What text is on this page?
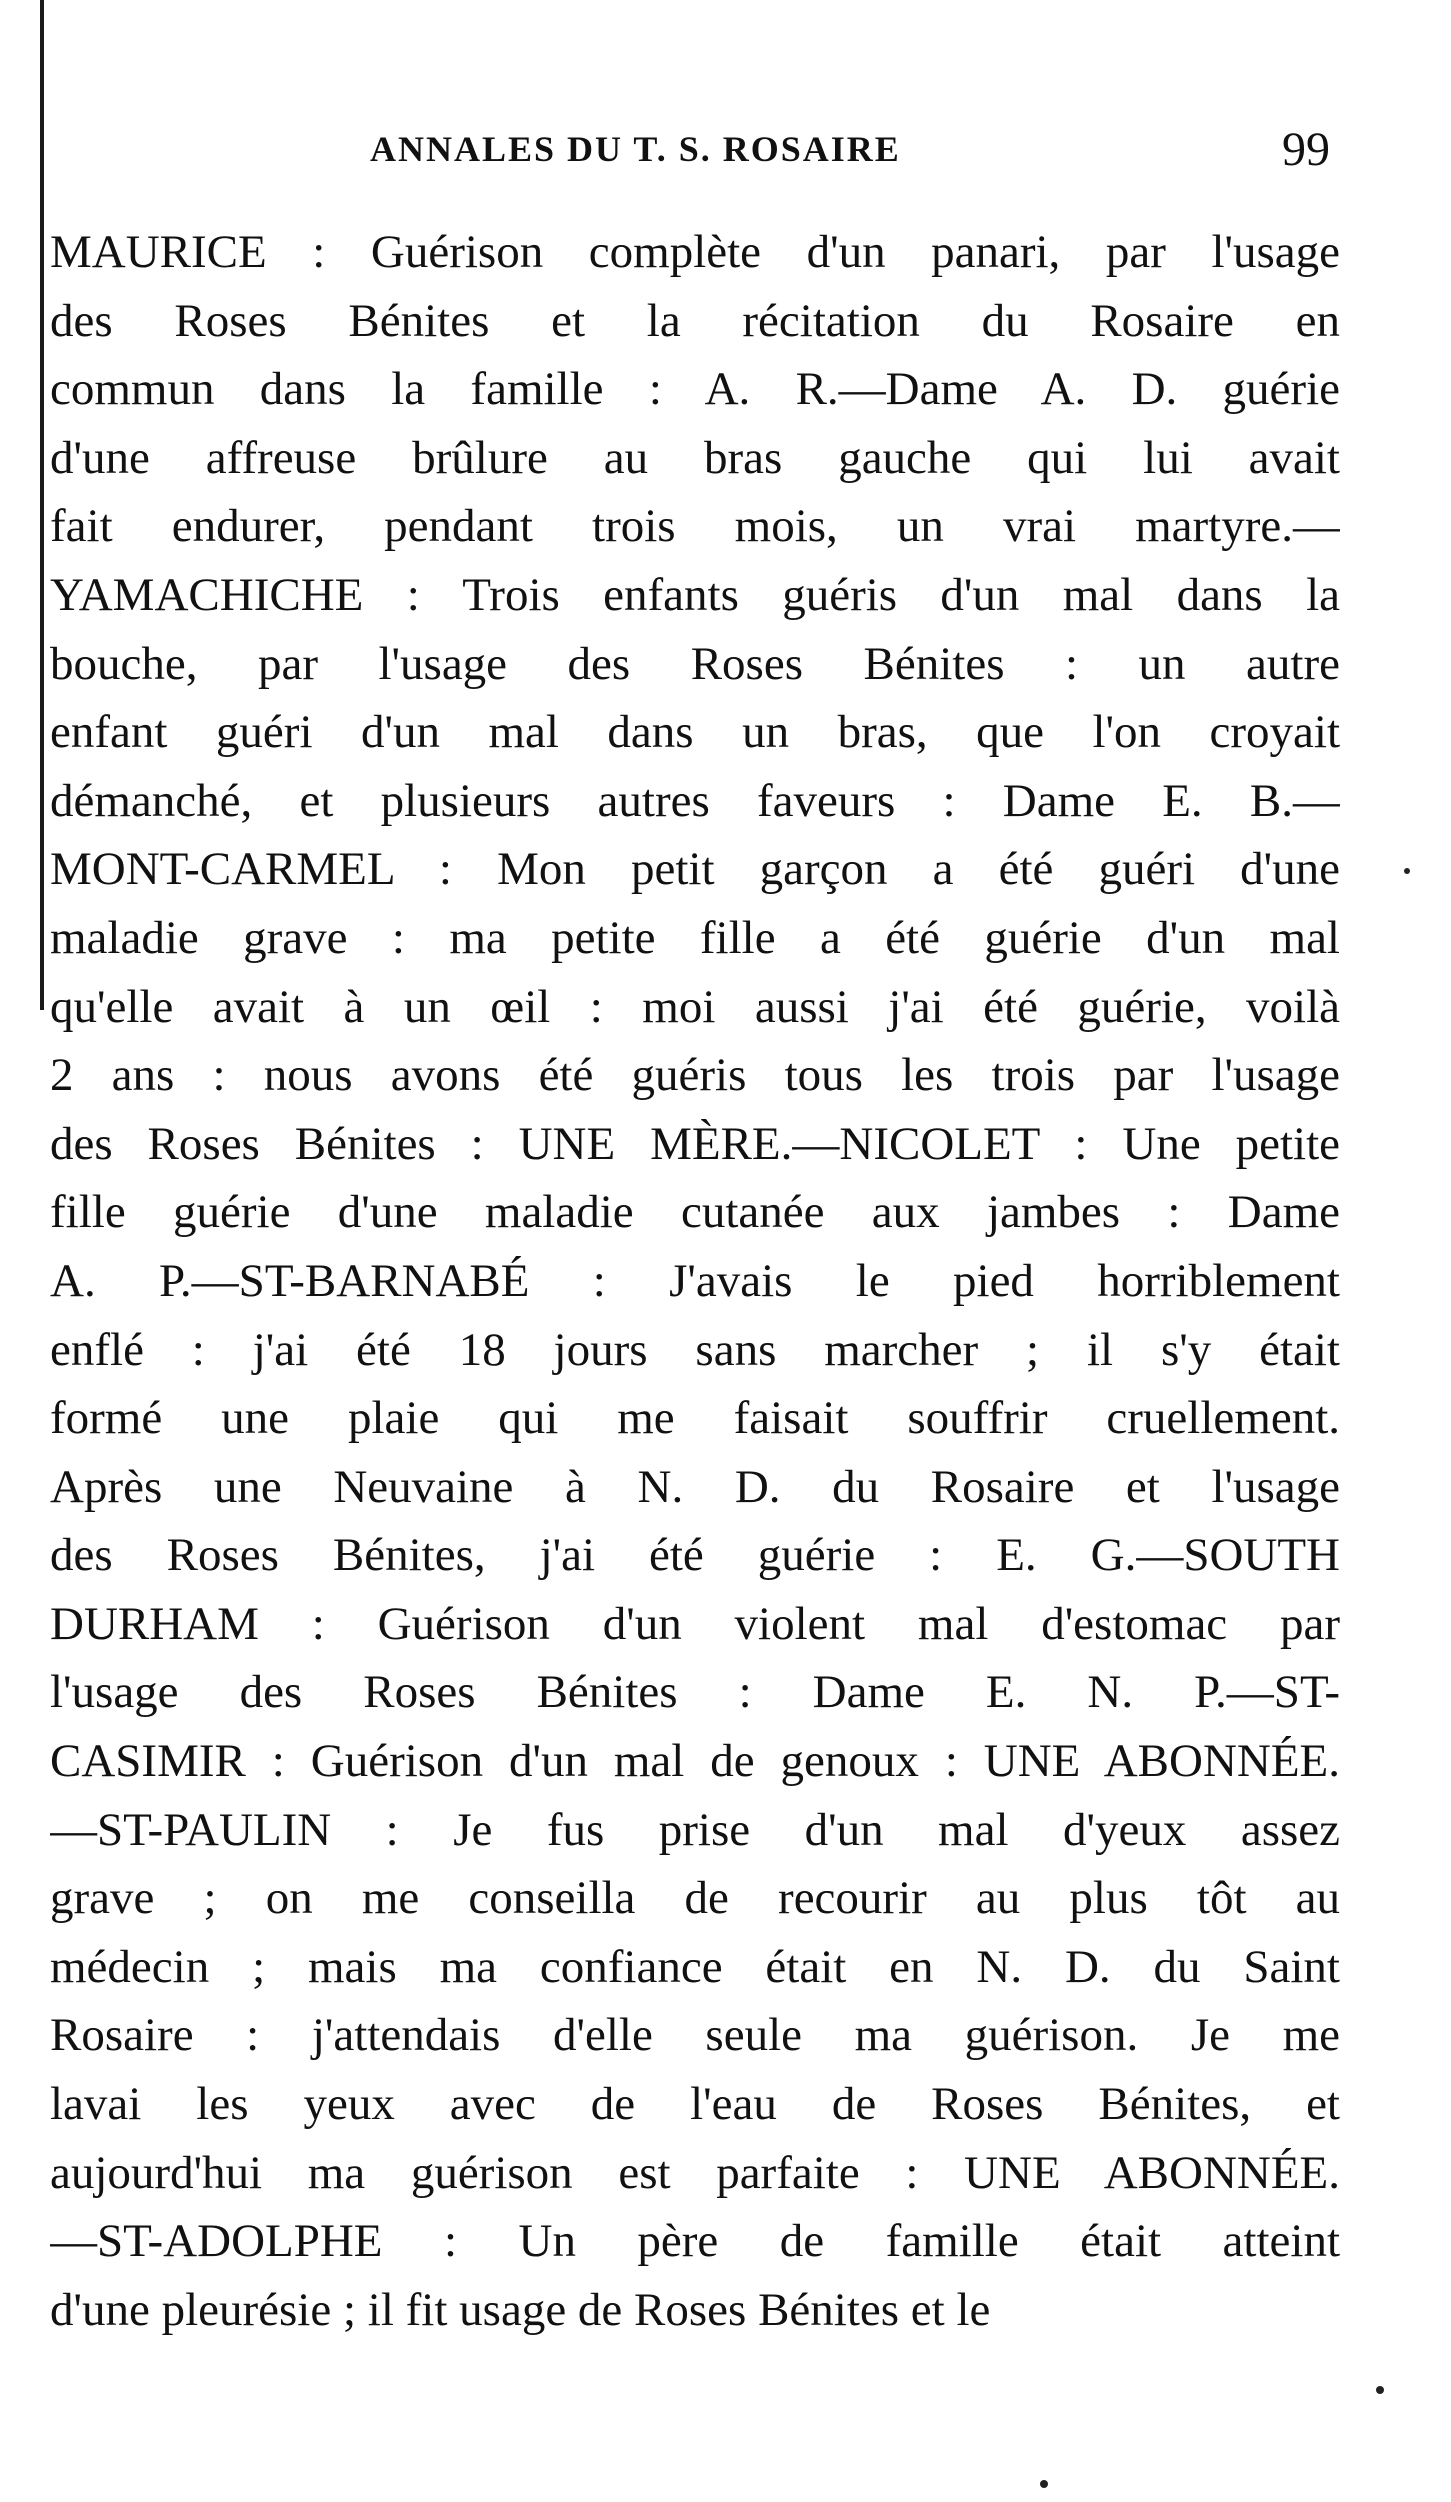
ANNALES DU T. S. ROSAIRE	99
MAURICE : Guérison complète d'un panari, par l'usage
des Roses Bénites et la récitation du Rosaire en
commun dans la famille : A. R.—Dame A. D. guérie
d'une affreuse brûlure au bras gauche qui lui avait
fait endurer, pendant trois mois, un vrai martyre.—
YAMACHICHE : Trois enfants guéris d'un mal dans la
bouche, par l'usage des Roses Bénites : un autre
enfant guéri d'un mal dans un bras, que l'on croyait
démanché, et plusieurs autres faveurs : Dame E. B.—
MONT-CARMEL : Mon petit garçon a été guéri d'une
maladie grave : ma petite fille a été guérie d'un mal
qu'elle avait à un œil : moi aussi j'ai été guérie, voilà
2 ans : nous avons été guéris tous les trois par l'usage
des Roses Bénites : UNE MÈRE.—NICOLET : Une petite
fille guérie d'une maladie cutanée aux jambes : Dame
A. P.—ST-BARNABÉ : J'avais le pied horriblement
enflé : j'ai été 18 jours sans marcher ; il s'y était
formé une plaie qui me faisait souffrir cruellement.
Après une Neuvaine à N. D. du Rosaire et l'usage
des Roses Bénites, j'ai été guérie : E. G.—SOUTH
DURHAM : Guérison d'un violent mal d'estomac par
l'usage des Roses Bénites : Dame E. N. P.—ST-
CASIMIR : Guérison d'un mal de genoux : UNE ABONNÉE.
—ST-PAULIN : Je fus prise d'un mal d'yeux assez
grave ; on me conseilla de recourir au plus tôt au
médecin ; mais ma confiance était en N. D. du Saint
Rosaire : j'attendais d'elle seule ma guérison. Je me
lavai les yeux avec de l'eau de Roses Bénites, et
aujourd'hui ma guérison est parfaite : UNE ABONNÉE.
—ST-ADOLPHE : Un père de famille était atteint
d'une pleurésie ; il fit usage de Roses Bénites et le
